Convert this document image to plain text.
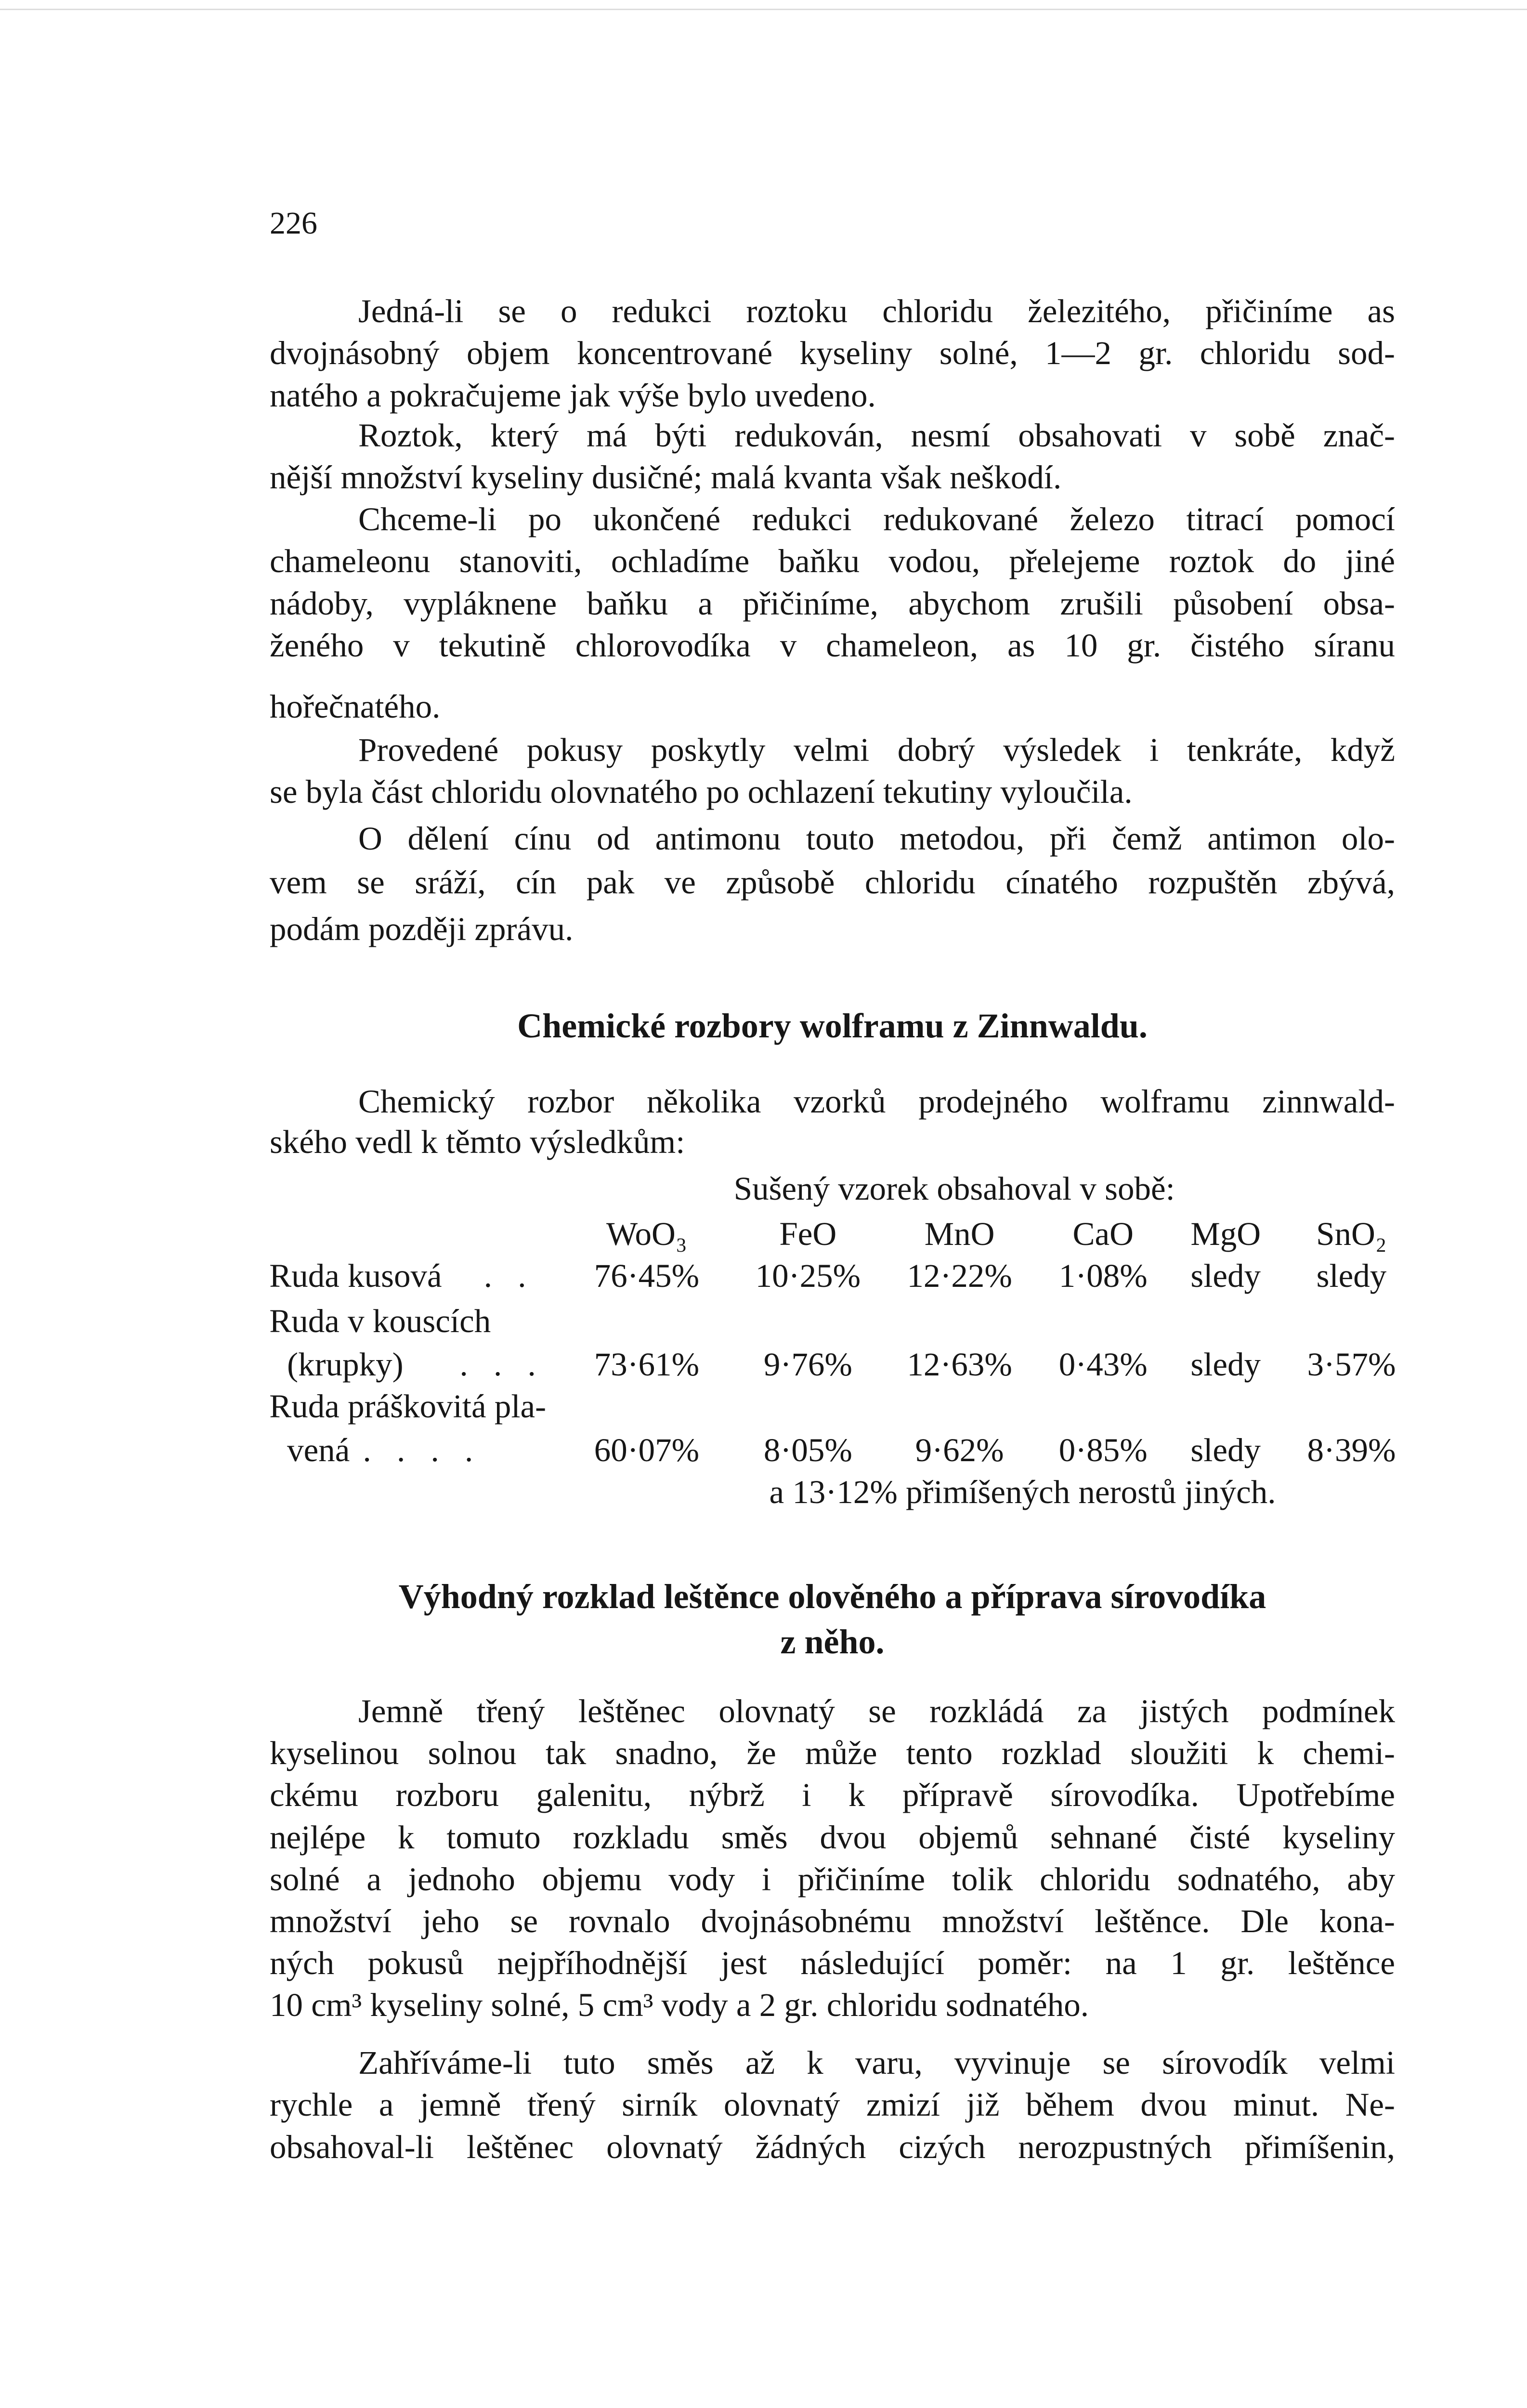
226
Jedná-li se o redukci roztoku chloridu železitého, přičiníme as
dvojnásobný objem koncentrované kyseliny solné, 1—2 gr. chloridu sod-
natého a pokračujeme jak výše bylo uvedeno.
Roztok, který má býti redukován, nesmí obsahovati v sobě znač-
nější množství kyseliny dusičné; malá kvanta však neškodí.
Chceme-li po ukončené redukci redukované železo titrací pomocí
chameleonu stanoviti, ochladíme baňku vodou, přelejeme roztok do jiné
nádoby, vypláknene baňku a přičiníme, abychom zrušili působení obsa-
ženého v tekutině chlorovodíka v chameleon, as 10 gr. čistého síranu
hořečnatého.
Provedené pokusy poskytly velmi dobrý výsledek i tenkráte, když
se byla část chloridu olovnatého po ochlazení tekutiny vyloučila.
O dělení cínu od antimonu touto metodou, při čemž antimon olo-
vem se sráží, cín pak ve způsobě chloridu cínatého rozpuštěn zbývá,
podám později zprávu.
Chemické rozbory wolframu z Zinnwaldu.
Chemický rozbor několika vzorků prodejného wolframu zinnwald-
ského vedl k těmto výsledkům:
Sušený vzorek obsahoval v sobě:
WoO₃	FeO	MnO CaO MgO SnO₂
Ruda kusová . . 76·45% 10·25% 12·22% 1·08% sledy sledy
Ruda v kouscích
(krupky) . . . 73·61% 9·76% 12·63% 0·43% sledy 3·57%
Ruda práškovitá pla-
vená . . . .	60·07% 8·05% 9·62% 0·85% sledy 8·39%
a 13·12% přimíšených nerostů jiných.
Výhodný rozklad leštěnce olověného a příprava sírovodíka
z něho.
Jemně třený leštěnec olovnatý se rozkládá za jistých podmínek
kyselinou solnou tak snadno, že může tento rozklad sloužiti k chemi-
ckému rozboru galenitu, nýbrž i k přípravě sírovodíka. Upotřebíme
nejlépe k tomuto rozkladu směs dvou objemů sehnané čisté kyseliny
solné a jednoho objemu vody i přičiníme tolik chloridu sodnatého, aby
množství jeho se rovnalo dvojnásobnému množství leštěnce. Dle kona-
ných pokusů nejpříhodnější jest následující poměr: na 1 gr. leštěnce
10 cm³ kyseliny solné, 5 cm³ vody a 2 gr. chloridu sodnatého.
Zahříváme-li tuto směs až k varu, vyvinuje se sírovodík velmi
rychle a jemně třený sirník olovnatý zmizí již během dvou minut. Ne-
obsahoval-li leštěnec olovnatý žádných cizých nerozpustných přimíšenin,
